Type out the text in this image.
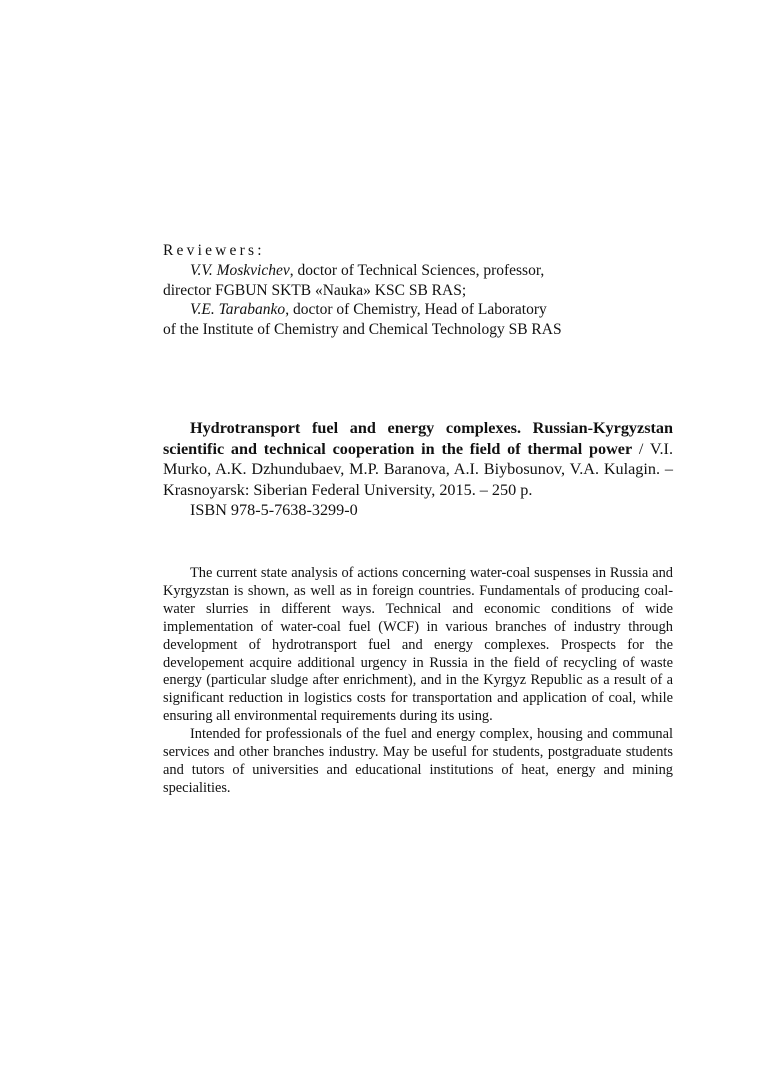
Reviewers:
V.V. Moskvichev, doctor of Technical Sciences, professor,
director FGBUN SKTB «Nauka» KSC SB RAS;
V.E. Tarabanko, doctor of Chemistry, Head of Laboratory
of the Institute of Chemistry and Chemical Technology SB RAS

Hydrotransport fuel and energy complexes. Russian-Kyrgyzstan scientific and technical cooperation in the field of thermal power / V.I. Murko, A.K. Dzhundubaev, M.P. Baranova, A.I. Biybosunov, V.A. Kulagin. – Krasnoyarsk: Siberian Federal University, 2015. – 250 p.

ISBN 978-5-7638-3299-0

The current state analysis of actions concerning water-coal suspenses in Russia and Kyrgyzstan is shown, as well as in foreign countries. Fundamentals of producing coal-water slurries in different ways. Technical and economic conditions of wide implementation of water-coal fuel (WCF) in various branches of industry through development of hydrotransport fuel and energy complexes. Prospects for the developement acquire additional urgency in Russia in the field of recycling of waste energy (particular sludge after enrichment), and in the Kyrgyz Republic as a result of a significant reduction in logistics costs for transportation and application of coal, while ensuring all environmental requirements during its using.

Intended for professionals of the fuel and energy complex, housing and communal services and other branches industry. May be useful for students, postgraduate students and tutors of universities and educational institutions of heat, energy and mining specialities.
